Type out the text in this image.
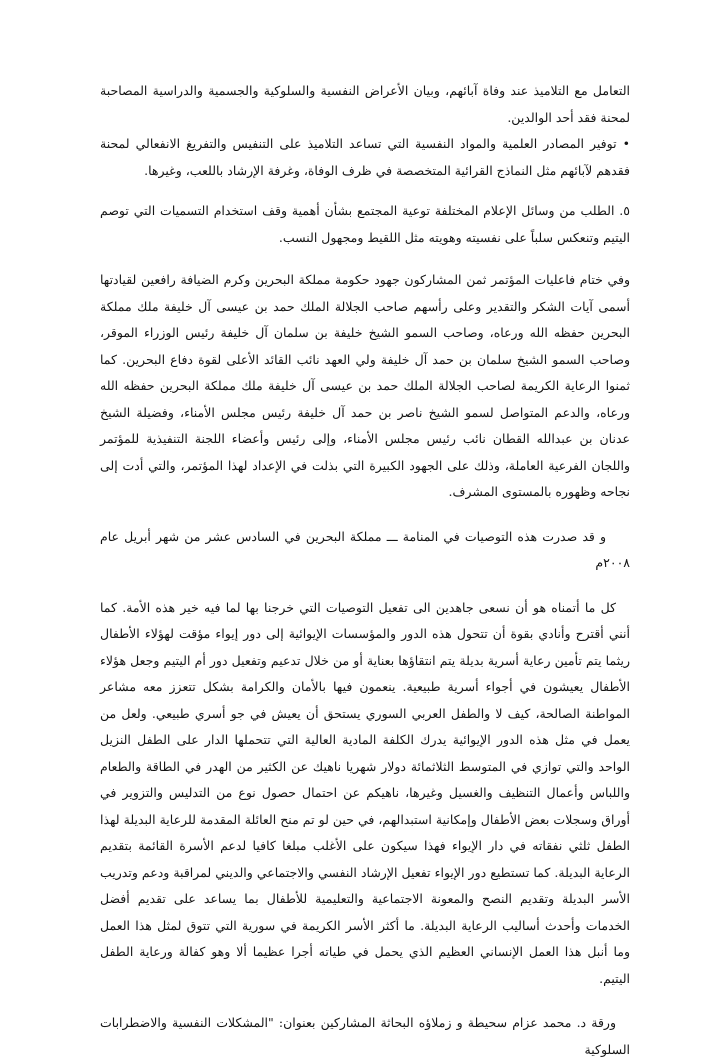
التعامل مع التلاميذ عند وفاة آبائهم، وبيان الأعراض النفسية والسلوكية والجسمية والدراسية المصاحبة لمحنة فقد أحد الوالدين.

• توفير المصادر العلمية والمواد النفسية التي تساعد التلاميذ على التنفيس والتفريغ الانفعالي لمحنة فقدهم لآبائهم مثل النماذج القرائية المتخصصة في ظرف الوفاة، وغرفة الإرشاد باللعب، وغيرها.

٥. الطلب من وسائل الإعلام المختلفة توعية المجتمع بشأن أهمية وقف استخدام التسميات التي توصم اليتيم وتنعكس سلباً على نفسيته وهويته مثل اللقيط ومجهول النسب.

وفي ختام فاعليات المؤتمر ثمن المشاركون جهود حكومة مملكة البحرين وكرم الضيافة رافعين لقيادتها أسمى آيات الشكر والتقدير وعلى رأسهم صاحب الجلالة الملك حمد بن عيسى آل خليفة ملك مملكة البحرين حفظه الله ورعاه، وصاحب السمو الشيخ خليفة بن سلمان آل خليفة رئيس الوزراء الموقر، وصاحب السمو الشيخ سلمان بن حمد آل خليفة ولي العهد نائب القائد الأعلى لقوة دفاع البحرين. كما ثمنوا الرعاية الكريمة لصاحب الجلالة الملك حمد بن عيسى آل خليفة ملك مملكة البحرين حفظه الله ورعاه، والدعم المتواصل لسمو الشيخ ناصر بن حمد آل خليفة رئيس مجلس الأمناء، وفضيلة الشيخ عدنان بن عبدالله القطان نائب رئيس مجلس الأمناء، وإلى رئيس وأعضاء اللجنة التنفيذية للمؤتمر واللجان الفرعية العاملة، وذلك على الجهود الكبيرة التي بذلت في الإعداد لهذا المؤتمر، والتي أدت إلى نجاحه وظهوره بالمستوى المشرف.

و قد صدرت هذه التوصيات في المنامة ـــ مملكة البحرين في السادس عشر من شهر أبريل عام ٢٠٠٨م

كل ما أتمناه هو أن نسعى جاهدين الى تفعيل التوصيات التي خرجنا بها لما فيه خير هذه الأمة. كما أنني أقترح وأنادي بقوة أن تتحول هذه الدور والمؤسسات الإيوائية إلى دور إيواء مؤقت لهؤلاء الأطفال ريثما يتم تأمين رعاية أسرية بديلة يتم انتقاؤها بعناية أو من خلال تدعيم وتفعيل دور أم اليتيم وجعل هؤلاء الأطفال يعيشون في أجواء أسرية طبيعية. ينعمون فيها بالأمان والكرامة بشكل تتعزز معه مشاعر المواطنة الصالحة، كيف لا والطفل العربي السوري يستحق أن يعيش في جو أسري طبيعي. ولعل من يعمل في مثل هذه الدور الإيوائية يدرك الكلفة المادية العالية التي تتحملها الدار على الطفل النزيل الواحد والتي توازي في المتوسط الثلاثمائة دولار شهريا ناهيك عن الكثير من الهدر في الطاقة والطعام واللباس وأعمال التنظيف والغسيل وغيرها، ناهيكم عن احتمال حصول نوع من التدليس والتزوير في أوراق وسجلات بعض الأطفال وإمكانية استبدالهم، في حين لو تم منح العائلة المقدمة للرعاية البديلة لهذا الطفل ثلثي نفقاته في دار الإيواء فهذا سيكون على الأغلب مبلغا كافيا لدعم الأسرة القائمة بتقديم الرعاية البديلة. كما تستطيع دور الإيواء تفعيل الإرشاد النفسي والاجتماعي والديني لمراقبة ودعم وتدريب الأسر البديلة وتقديم النصح والمعونة الاجتماعية والتعليمية للأطفال بما يساعد على تقديم أفضل الخدمات وأحدث أساليب الرعاية البديلة. ما أكثر الأسر الكريمة في سورية التي تتوق لمثل هذا العمل وما أنبل هذا العمل الإنساني العظيم الذي يحمل في طياته أجرا عظيما ألا وهو كفالة ورعاية الطفل اليتيم.

ورقة د. محمد عزام سحيطة و زملاؤه البحاثة المشاركين بعنوان: "المشكلات النفسية والاضطرابات السلوكية
